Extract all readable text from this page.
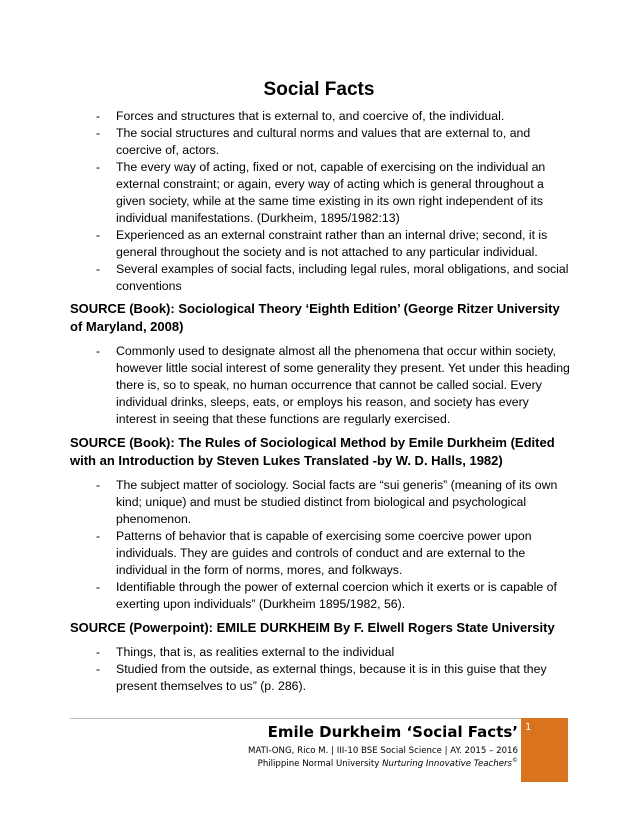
Social Facts
- Forces and structures that is external to, and coercive of, the individual.
- The social structures and cultural norms and values that are external to, and coercive of, actors.
- The every way of acting, fixed or not, capable of exercising on the individual an external constraint; or again, every way of acting which is general throughout a given society, while at the same time existing in its own right independent of its individual manifestations. (Durkheim, 1895/1982:13)
- Experienced as an external constraint rather than an internal drive; second, it is general throughout the society and is not attached to any particular individual.
- Several examples of social facts, including legal rules, moral obligations, and social conventions
SOURCE (Book): Sociological Theory ‘Eighth Edition’ (George Ritzer University of Maryland, 2008)
- Commonly used to designate almost all the phenomena that occur within society, however little social interest of some generality they present. Yet under this heading there is, so to speak, no human occurrence that cannot be called social. Every individual drinks, sleeps, eats, or employs his reason, and society has every interest in seeing that these functions are regularly exercised.
SOURCE (Book): The Rules of Sociological Method by Emile Durkheim (Edited with an Introduction by Steven Lukes Translated -by W. D. Halls, 1982)
- The subject matter of sociology. Social facts are “sui generis” (meaning of its own kind; unique) and must be studied distinct from biological and psychological phenomenon.
- Patterns of behavior that is capable of exercising some coercive power upon individuals. They are guides and controls of conduct and are external to the individual in the form of norms, mores, and folkways.
- Identifiable through the power of external coercion which it exerts or is capable of exerting upon individuals” (Durkheim 1895/1982, 56).
SOURCE (Powerpoint): EMILE DURKHEIM By F. Elwell Rogers State University
- Things, that is, as realities external to the individual
- Studied from the outside, as external things, because it is in this guise that they present themselves to us” (p. 286).
Emile Durkheim ‘Social Facts’
MATI-ONG, Rico M. | III-10 BSE Social Science | AY. 2015 – 2016
Philippine Normal University Nurturing Innovative Teachers©
1
